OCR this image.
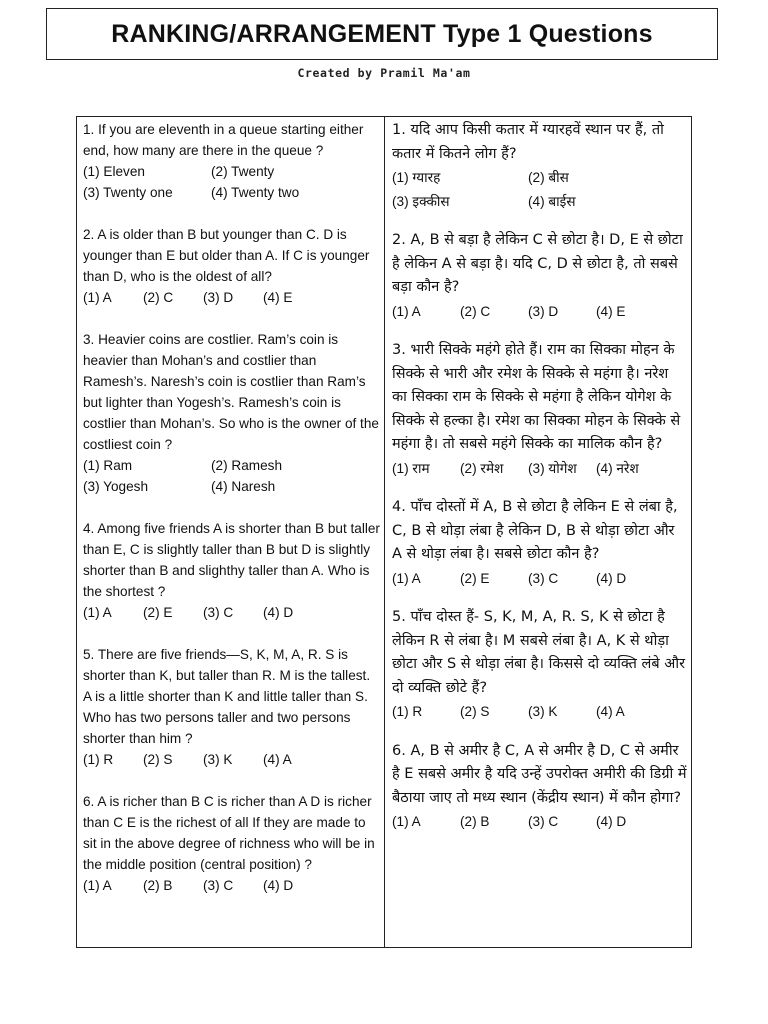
RANKING/ARRANGEMENT Type 1 Questions
Created by Pramil Ma'am
1. If you are eleventh in a queue starting either end, how many are there in the queue ?
(1) Eleven	(2) Twenty
(3) Twenty one	(4) Twenty two
2. A is older than B but younger than C. D is younger than E but older than A. If C is younger than D, who is the oldest of all?
(1) A	(2) C	(3) D	(4) E
3. Heavier coins are costlier. Ram’s coin is heavier than Mohan’s and costlier than Ramesh’s. Naresh’s coin is costlier than Ram’s but lighter than Yogesh’s. Ramesh’s coin is costlier than Mohan’s. So who is the owner of the costliest coin ?
(1) Ram	(2) Ramesh
(3) Yogesh	(4) Naresh
4. Among five friends A is shorter than B but taller than E, C is slightly taller than B but D is slightly shorter than B and slighthy taller than A. Who is the shortest ?
(1) A	(2) E	(3) C	(4) D
5. There are five friends—S, K, M, A, R. S is shorter than K, but taller than R. M is the tallest. A is a little shorter than K and little taller than S. Who has two persons taller and two persons shorter than him ?
(1) R	(2) S	(3) K	(4) A
6. A is richer than B C is richer than A D is richer than C E is the richest of all If they are made to sit in the above degree of richness who will be in the middle position (central position) ?
(1) A	(2) B	(3) C	(4) D
1. यदि आप किसी कतार में ग्यारहवें स्थान पर हैं, तो कतार में कितने लोग हैं?
(1) ग्यारह	(2) बीस
(3) इक्कीस	(4) बाईस
2. A, B से बड़ा है लेकिन C से छोटा है। D, E से छोटा है लेकिन A से बड़ा है। यदि C, D से छोटा है, तो सबसे बड़ा कौन है?
(1) A	(2) C	(3) D	(4) E
3. भारी सिक्के महंगे होते हैं। राम का सिक्का मोहन के सिक्के से भारी और रमेश के सिक्के से महंगा है। नरेश का सिक्का राम के सिक्के से महंगा है लेकिन योगेश के सिक्के से हल्का है। रमेश का सिक्का मोहन के सिक्के से महंगा है। तो सबसे महंगे सिक्के का मालिक कौन है?
(1) राम	(2) रमेश	(3) योगेश	(4) नरेश
4. पाँच दोस्तों में A, B से छोटा है लेकिन E से लंबा है, C, B से थोड़ा लंबा है लेकिन D, B से थोड़ा छोटा और A से थोड़ा लंबा है। सबसे छोटा कौन है?
(1) A	(2) E	(3) C	(4) D
5. पाँच दोस्त हैं- S, K, M, A, R. S, K से छोटा है लेकिन R से लंबा है। M सबसे लंबा है। A, K से थोड़ा छोटा और S से थोड़ा लंबा है। किससे दो व्यक्ति लंबे और दो व्यक्ति छोटे हैं?
(1) R	(2) S	(3) K	(4) A
6. A, B से अमीर है C, A से अमीर है D, C से अमीर है E सबसे अमीर है यदि उन्हें उपरोक्त अमीरी की डिग्री में बैठाया जाए तो मध्य स्थान (केंद्रीय स्थान) में कौन होगा?
(1) A	(2) B	(3) C	(4) D
